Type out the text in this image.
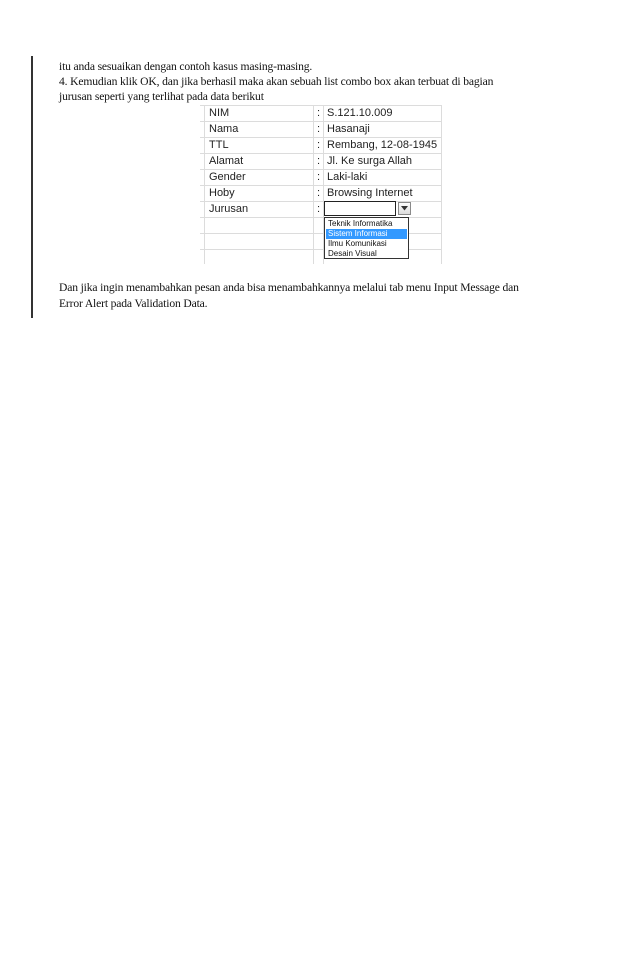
itu anda sesuaikan dengan contoh kasus masing-masing.
4. Kemudian klik OK, dan jika berhasil maka akan sebuah list combo box akan terbuat di bagian
jurusan seperti yang terlihat pada data berikut
NIM	: S.121.10.009
Nama	: Hasanaji
TTL	: Rembang, 12-08-1945
Alamat	: Jl. Ke surga Allah
Gender	: Laki-laki
Hoby	: Browsing Internet
Jurusan	:
Teknik Informatika
Sistem Informasi
Ilmu Komunikasi
Desain Visual
Dan jika ingin menambahkan pesan anda bisa menambahkannya melalui tab menu Input Message dan
Error Alert pada Validation Data.
